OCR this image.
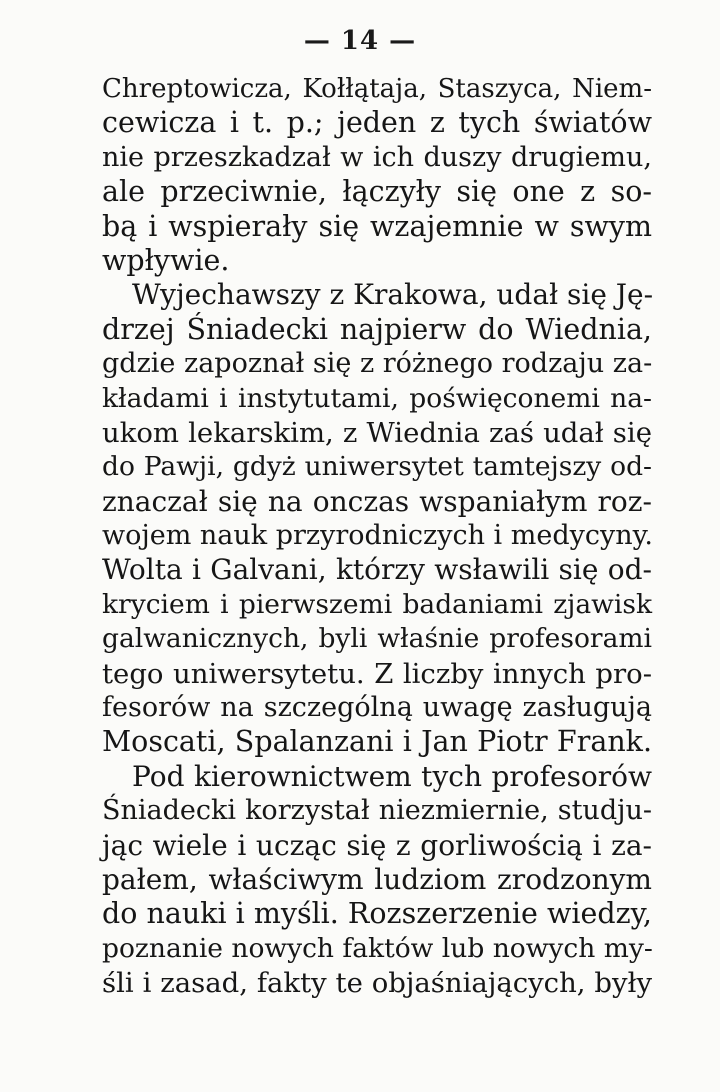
— 14 —
Chreptowicza, Kołłątaja, Staszyca, Niem-
cewicza i t. p.; jeden z tych światów
nie przeszkadzał w ich duszy drugiemu,
ale przeciwnie, łączyły się one z so-
bą i wspierały się wzajemnie w swym
wpływie.
Wyjechawszy z Krakowa, udał się Ję-
drzej Śniadecki najpierw do Wiednia,
gdzie zapoznał się z różnego rodzaju za-
kładami i instytutami, poświęconemi na-
ukom lekarskim, z Wiednia zaś udał się
do Pawji, gdyż uniwersytet tamtejszy od-
znaczał się na onczas wspaniałym roz-
wojem nauk przyrodniczych i medycyny.
Wolta i Galvani, którzy wsławili się od-
kryciem i pierwszemi badaniami zjawisk
galwanicznych, byli właśnie profesorami
tego uniwersytetu. Z liczby innych pro-
fesorów na szczególną uwagę zasługują
Moscati, Spalanzani i Jan Piotr Frank.
Pod kierownictwem tych profesorów
Śniadecki korzystał niezmiernie, studju-
jąc wiele i ucząc się z gorliwością i za-
pałem, właściwym ludziom zrodzonym
do nauki i myśli. Rozszerzenie wiedzy,
poznanie nowych faktów lub nowych my-
śli i zasad, fakty te objaśniających, były
